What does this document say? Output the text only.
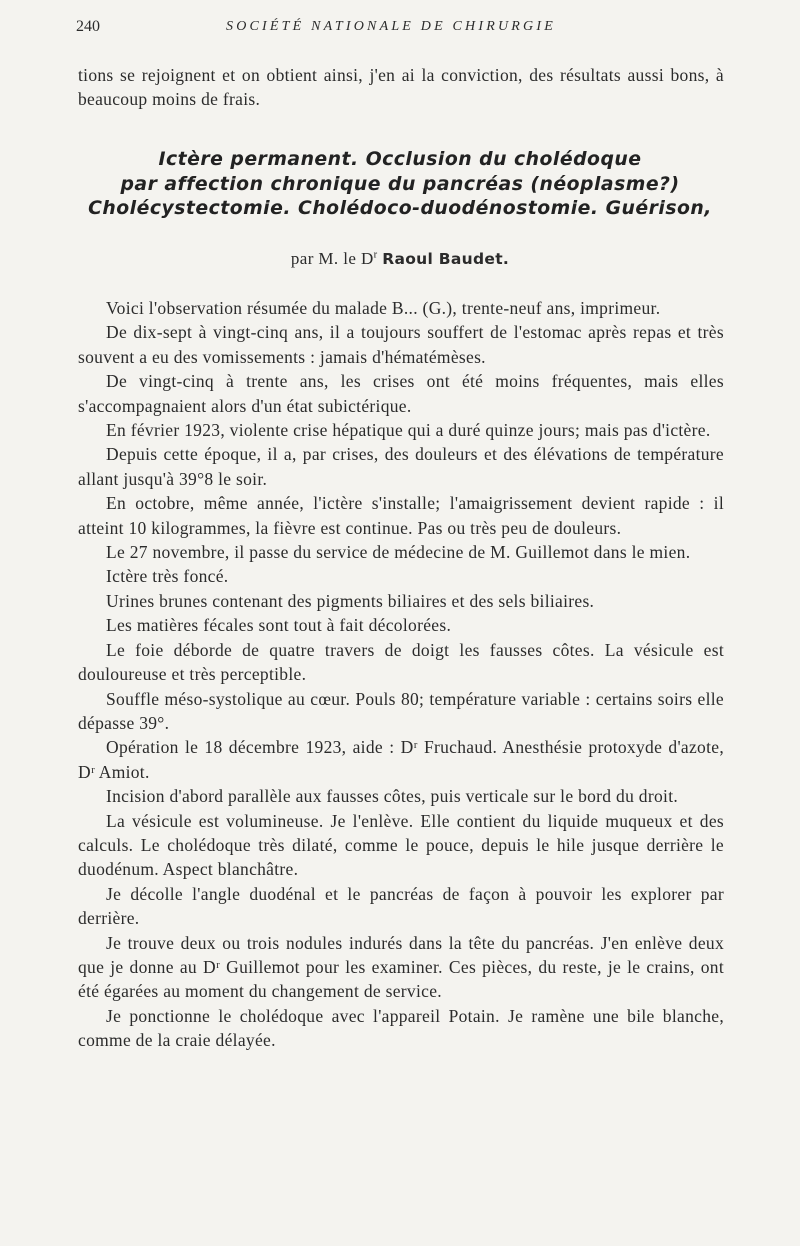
240	SOCIÉTÉ NATIONALE DE CHIRURGIE
tions se rejoignent et on obtient ainsi, j'en ai la conviction, des résultats aussi bons, à beaucoup moins de frais.
Ictère permanent. Occlusion du cholédoque
par affection chronique du pancréas (néoplasme?)
Cholécystectomie. Cholédoco-duodénostomie. Guérison,
par M. le $D^r$ Raoul Baudet.

Voici l'observation résumée du malade B... (G.), trente-neuf ans, imprimeur.

De dix-sept à vingt-cinq ans, il a toujours souffert de l'estomac après repas et très souvent a eu des vomissements : jamais d'hématémèses.

De vingt-cinq à trente ans, les crises ont été moins fréquentes, mais elles s'accompagnaient alors d'un état subictérique.

En février 1923, violente crise hépatique qui a duré quinze jours; mais pas d'ictère.

Depuis cette époque, il a, par crises, des douleurs et des élévations de température allant jusqu'à 39°8 le soir.

En octobre, même année, l'ictère s'installe; l'amaigrissement devient rapide : il atteint 10 kilogrammes, la fièvre est continue. Pas ou très peu de douleurs.

Le 27 novembre, il passe du service de médecine de M. Guillemot dans le mien.

Ictère très foncé.

Urines brunes contenant des pigments biliaires et des sels biliaires.

Les matières fécales sont tout à fait décolorées.

Le foie déborde de quatre travers de doigt les fausses côtes. La vésicule est douloureuse et très perceptible.

Souffle méso-systolique au cœur. Pouls 80; température variable : certains soirs elle dépasse 39°.

Opération le 18 décembre 1923, aide : Dʳ Fruchaud. Anesthésie protoxyde d'azote, Dʳ Amiot.

Incision d'abord parallèle aux fausses côtes, puis verticale sur le bord du droit.

La vésicule est volumineuse. Je l'enlève. Elle contient du liquide muqueux et des calculs. Le cholédoque très dilaté, comme le pouce, depuis le hile jusque derrière le duodénum. Aspect blanchâtre.

Je décolle l'angle duodénal et le pancréas de façon à pouvoir les explorer par derrière.

Je trouve deux ou trois nodules indurés dans la tête du pancréas. J'en enlève deux que je donne au Dʳ Guillemot pour les examiner. Ces pièces, du reste, je le crains, ont été égarées au moment du changement de service.

Je ponctionne le cholédoque avec l'appareil Potain. Je ramène une bile blanche, comme de la craie délayée.
